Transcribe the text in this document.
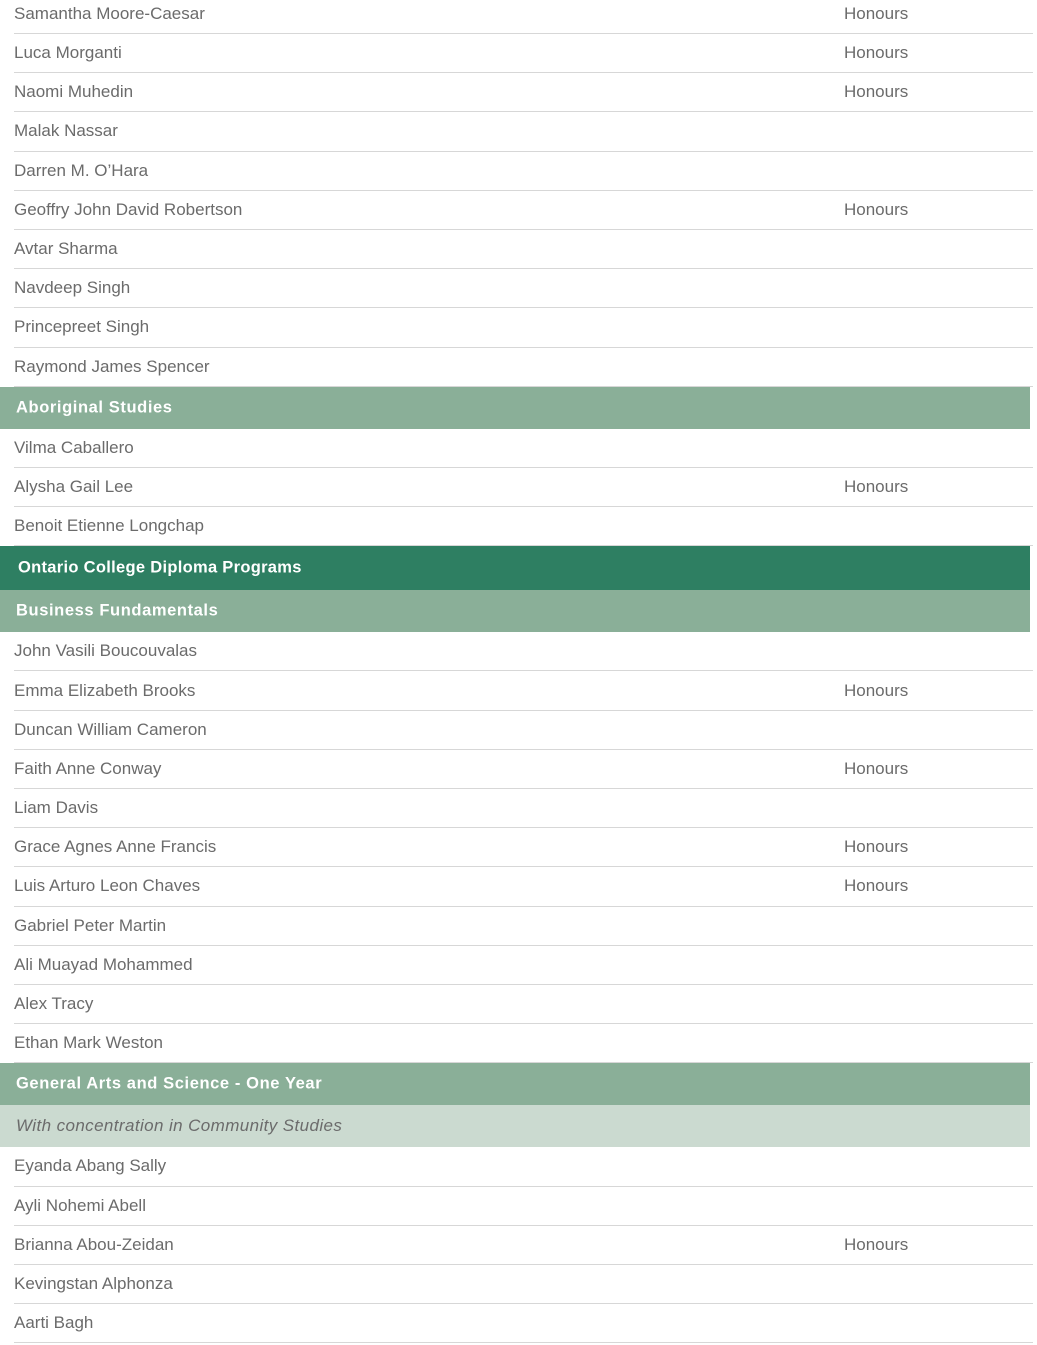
Samantha Moore-Caesar	Honours
Luca Morganti	Honours
Naomi Muhedin	Honours
Malak Nassar
Darren M. O’Hara
Geoffry John David Robertson	Honours
Avtar Sharma
Navdeep Singh
Princepreet Singh
Raymond James Spencer
Aboriginal Studies
Vilma Caballero
Alysha Gail Lee	Honours
Benoit Etienne Longchap
Ontario College Diploma Programs
Business Fundamentals
John Vasili Boucouvalas
Emma Elizabeth Brooks	Honours
Duncan William Cameron
Faith Anne Conway	Honours
Liam Davis
Grace Agnes Anne Francis	Honours
Luis Arturo Leon Chaves	Honours
Gabriel Peter Martin
Ali Muayad Mohammed
Alex Tracy
Ethan Mark Weston
General Arts and Science - One Year
With concentration in Community Studies
Eyanda Abang Sally
Ayli Nohemi Abell
Brianna Abou-Zeidan	Honours
Kevingstan Alphonza
Aarti Bagh
